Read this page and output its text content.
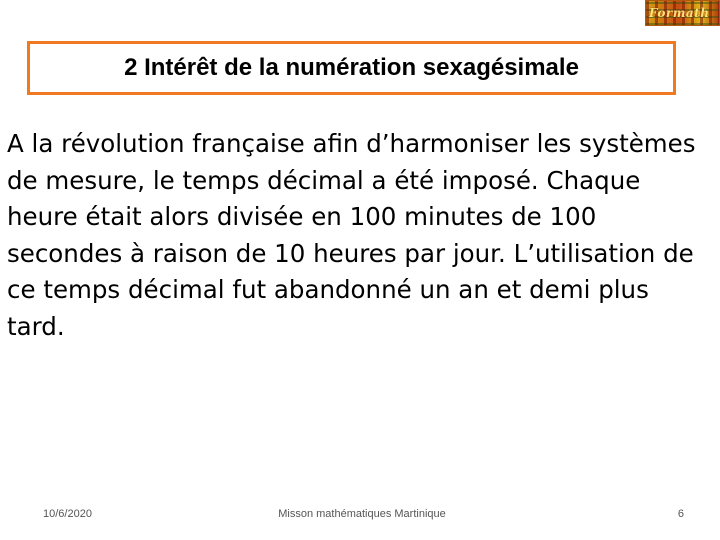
Formath
2 Intérêt de la numération sexagésimale

A la révolution française afin d’harmoniser les systèmes de mesure, le temps décimal a été imposé. Chaque heure était alors divisée en 100 minutes de 100 secondes à raison de 10 heures par jour. L’utilisation de ce temps décimal fut abandonné un an et demi plus tard.

10/6/2020	Misson mathématiques Martinique	6
